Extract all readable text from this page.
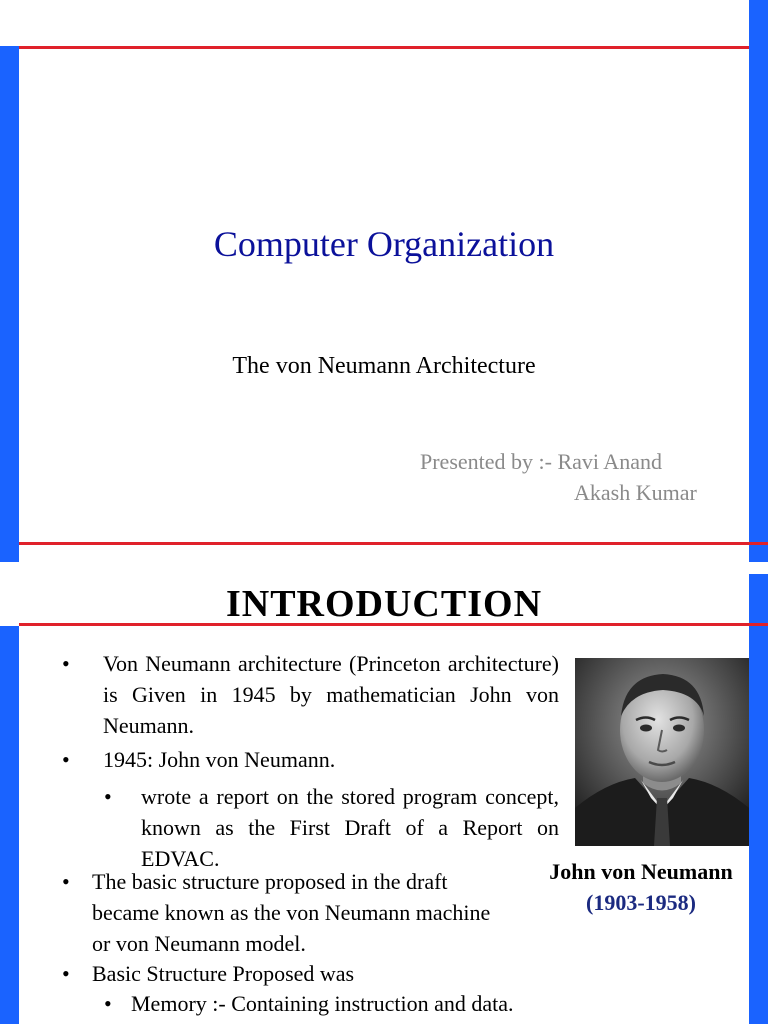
Computer Organization
The von Neumann Architecture
Presented by :- Ravi Anand
Akash Kumar
INTRODUCTION
• Von Neumann architecture (Princeton architecture) is Given in 1945 by mathematician John von Neumann.
• 1945: John von Neumann.
• wrote a report on the stored program concept, known as the First Draft of a Report on EDVAC.
• The basic structure proposed in the draft became known as the von Neumann machine or von Neumann model.
• Basic Structure Proposed was
• Memory :- Containing instruction and data.
John von Neumann
(1903-1958)
